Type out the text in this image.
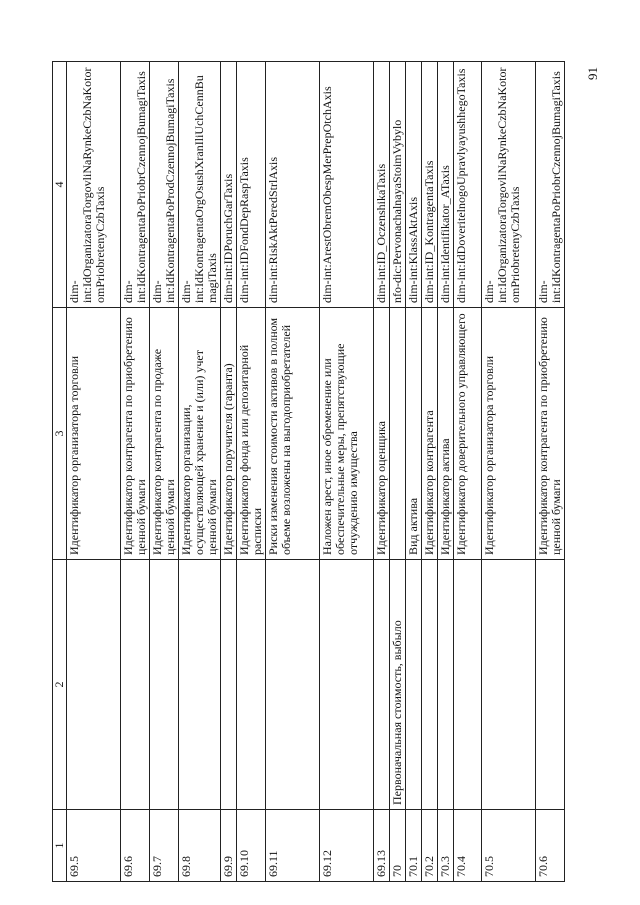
1	2	3	4
69.5		Идентификатор организатора торговли	dim-int:IdOrganizatoraTorgovliNaRynkeCzbNaKotoromPriobretenyCzbTaxis
69.6		Идентификатор контрагента по приобретению ценной бумаги	dim-int:IdKontragentaPoPriobrCzennojBumagiTaxis
69.7		Идентификатор контрагента по продаже ценной бумаги	dim-int:IdKontragentaPoProdCzennojBumagiTaxis
69.8		Идентификатор организации, осуществляющей хранение и (или) учет ценной бумаги	dim-int:IdKontragentaOrgOsushXranIliUchCennBumagiTaxis
69.9		Идентификатор поручителя (гаранта)	dim-int:IDPoruchGarTaxis
69.10		Идентификатор фонда или депозитарной расписки	dim-int:IDFondDepRaspTaxis
69.11		Риски изменения стоимости активов в полном объеме возложены на выгодоприобретателей	dim-int:RiskAktPeredStrlAxis
69.12		Наложен арест, иное обременение или обеспечительные меры, препятствующие отчуждению имущества	dim-int:ArestObremObespMerPrepOtchAxis
69.13		Идентификатор оценщика	dim-int:ID_OczenshikaTaxis
70	Первоначальная стоимость, выбыло		nfo-dic:PervonachalnayaStoimVybylo
70.1		Вид актива	dim-int:KlassAktAxis
70.2		Идентификатор контрагента	dim-int:ID_KontragentaTaxis
70.3		Идентификатор актива	dim-int:Identifikator_ATaxis
70.4		Идентификатор доверительного управляющего	dim-int:IdDoveritelnogoUpravlyayushhegoTaxis
70.5		Идентификатор организатора торговли	dim-int:IdOrganizatoraTorgovliNaRynkeCzbNaKotoromPriobretenyCzbTaxis
70.6		Идентификатор контрагента по приобретению ценной бумаги	dim-int:IdKontragentaPoPriobrCzennojBumagiTaxis 91
